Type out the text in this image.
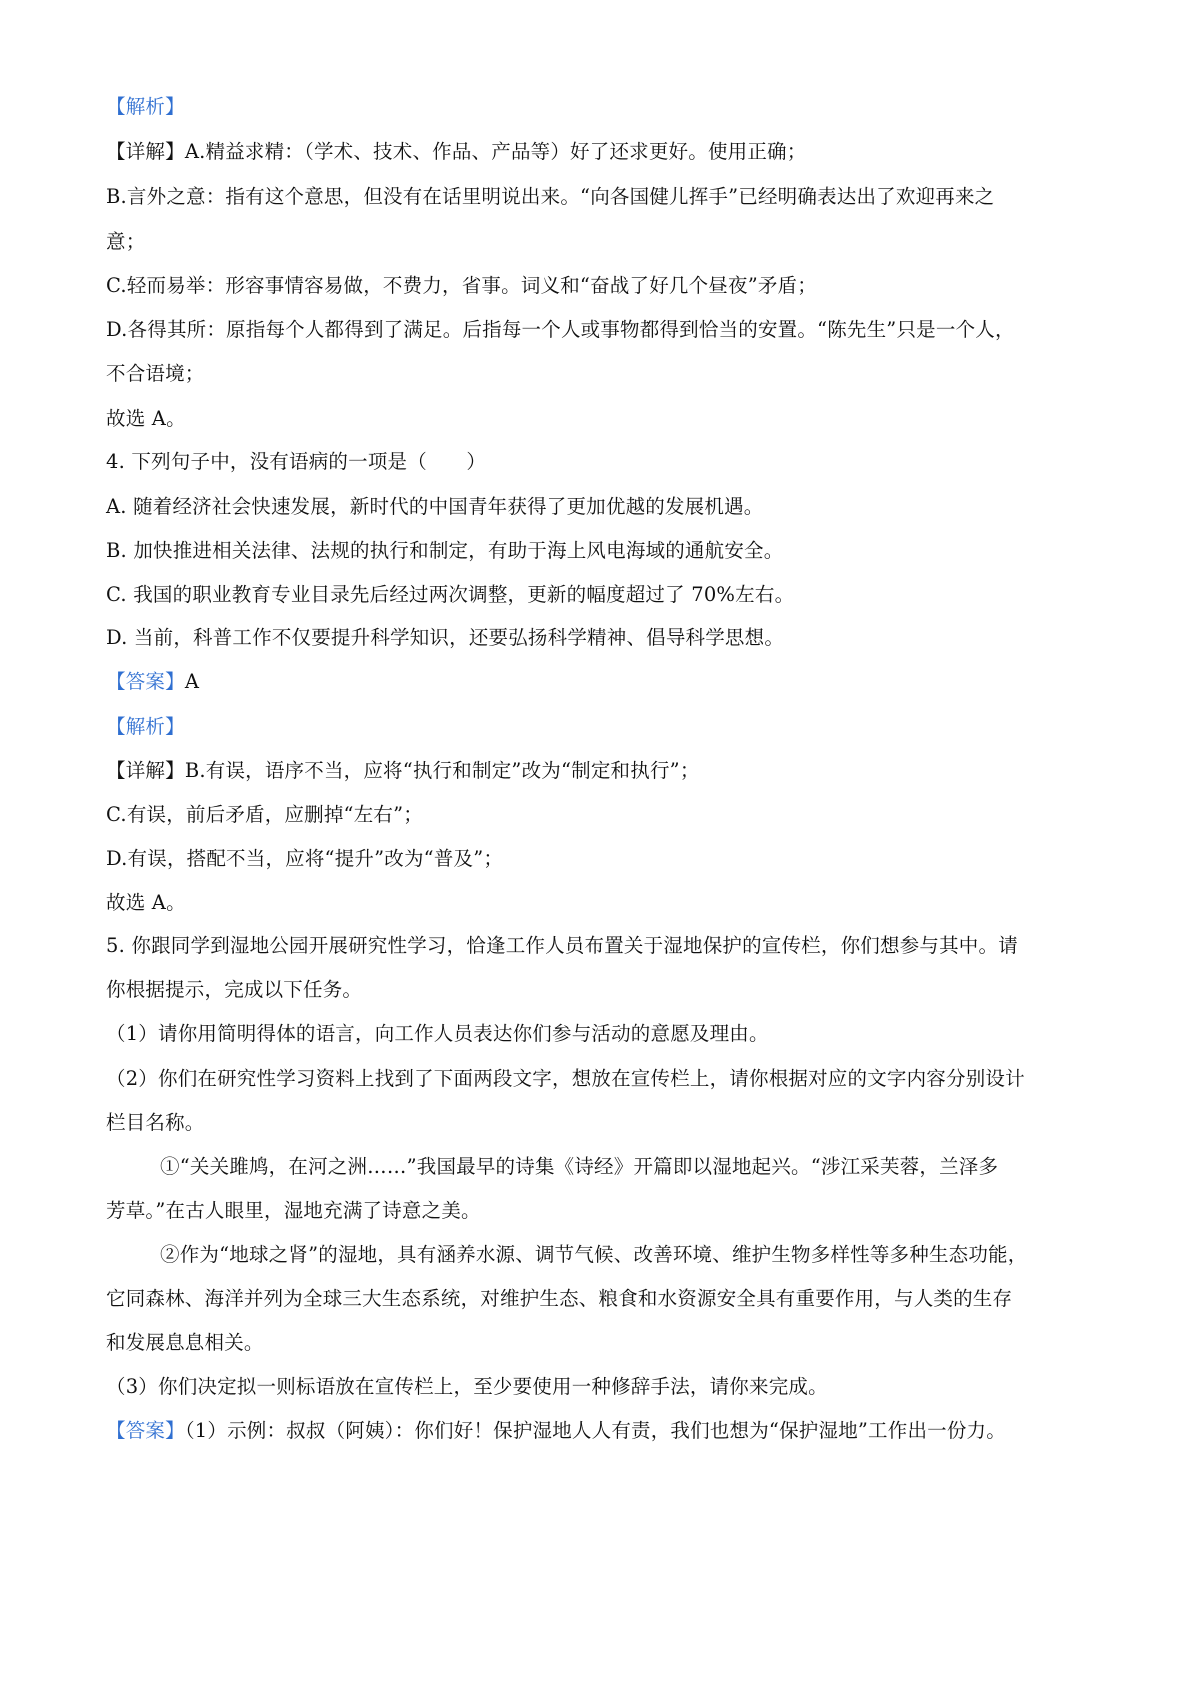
【解析】
【详解】A.精益求精：（学术、技术、作品、产品等）好了还求更好。使用正确；
B.言外之意：指有这个意思，但没有在话里明说出来。“向各国健儿挥手”已经明确表达出了欢迎再来之
意；
C.轻而易举：形容事情容易做，不费力，省事。词义和“奋战了好几个昼夜”矛盾；
D.各得其所：原指每个人都得到了满足。后指每一个人或事物都得到恰当的安置。“陈先生”只是一个人，
不合语境；
故选 A。
4. 下列句子中，没有 · ·语病的一项是（　　）
A. 随着经济社会快速发展，新时代的中国青年获得了更加优越的发展机遇。
B. 加快推进相关法律、法规的执行和制定，有助于海上风电海域的通航安全。
C. 我国的职业教育专业目录先后经过两次调整，更新的幅度超过了 70%左右。
D. 当前，科普工作不仅要提升科学知识，还要弘扬科学精神、倡导科学思想。
【答案】A
【解析】
【详解】B.有误，语序不当，应将“执行和制定”改为“制定和执行”；
C.有误，前后矛盾，应删掉“左右”；
D.有误，搭配不当，应将“提升”改为“普及”；
故选 A。
5. 你跟同学到湿地公园开展研究性学习，恰逢工作人员布置关于湿地保护的宣传栏，你们想参与其中。请
你根据提示，完成以下任务。
（1）请你用简明得体的语言，向工作人员表达你们参与活动的意愿及理由。
（2）你们在研究性学习资料上找到了下面两段文字，想放在宣传栏上，请你根据对应的文字内容分别设计
栏目名称。
①“关关雎鸠，在河之洲……”我国最早的诗集《诗经》开篇即以湿地起兴。“涉江采芙蓉，兰泽多
芳草。”在古人眼里，湿地充满了诗意之美。
②作为“地球之肾”的湿地，具有涵养水源、调节气候、改善环境、维护生物多样性等多种生态功能，
它同森林、海洋并列为全球三大生态系统，对维护生态、粮食和水资源安全具有重要作用，与人类的生存
和发展息息相关。
（3）你们决定拟一则标语放在宣传栏上，至少要使用一种修辞手法，请你来完成。
【答案】（1）示例：叔叔（阿姨）：你们好！保护湿地人人有责，我们也想为“保护湿地”工作出一份力。
